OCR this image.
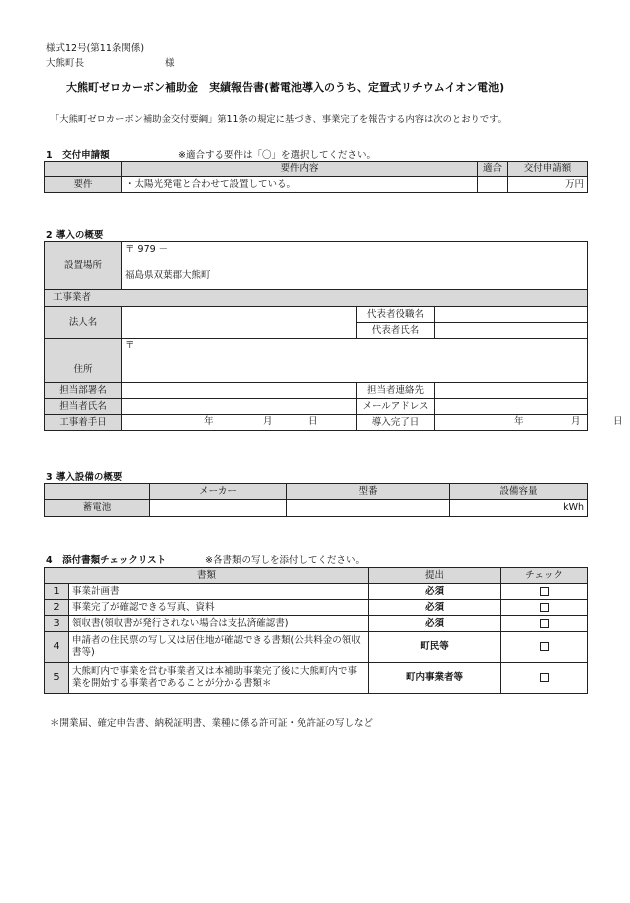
様式12号(第11条関係)
大熊町長	様
大熊町ゼロカーボン補助金　実績報告書(蓄電池導入のうち、定置式リチウムイオン電池)
「大熊町ゼロカーボン補助金交付要綱」第11条の規定に基づき、事業完了を報告する内容は次のとおりです。
1　交付申請額	※適合する要件は「〇」を選択してください。
	要件内容	適合	交付申請額
要件	・太陽光発電と合わせて設置している。		万円
2 導入の概要
設置場所	〒 979 －
福島県双葉郡大熊町		

工事業者			
法人名		代表者役職名	
		代表者氏名	
住所	〒		
担当部署名		担当者連絡先	
担当者氏名		メールアドレス	
工事着手日	年 月 日	導入完了日	年 月 日
3 導入設備の概要
	メーカー	型番	設備容量
蓄電池			kWh
4　添付書類チェックリスト	※各書類の写しを添付してください。
書類		提出	チェック
1	事業計画書	必須	
2	事業完了が確認できる写真、資料	必須	
3	領収書(領収書が発行されない場合は支払済確認書)	必須	
4	申請者の住民票の写し又は居住地が確認できる書類(公共料金の領収書等)	町民等	
5	大熊町内で事業を営む事業者又は本補助事業完了後に大熊町内で事業を開始する事業者であることが分かる書類＊	町内事業者等	
＊開業届、確定申告書、納税証明書、業種に係る許可証・免許証の写しなど
